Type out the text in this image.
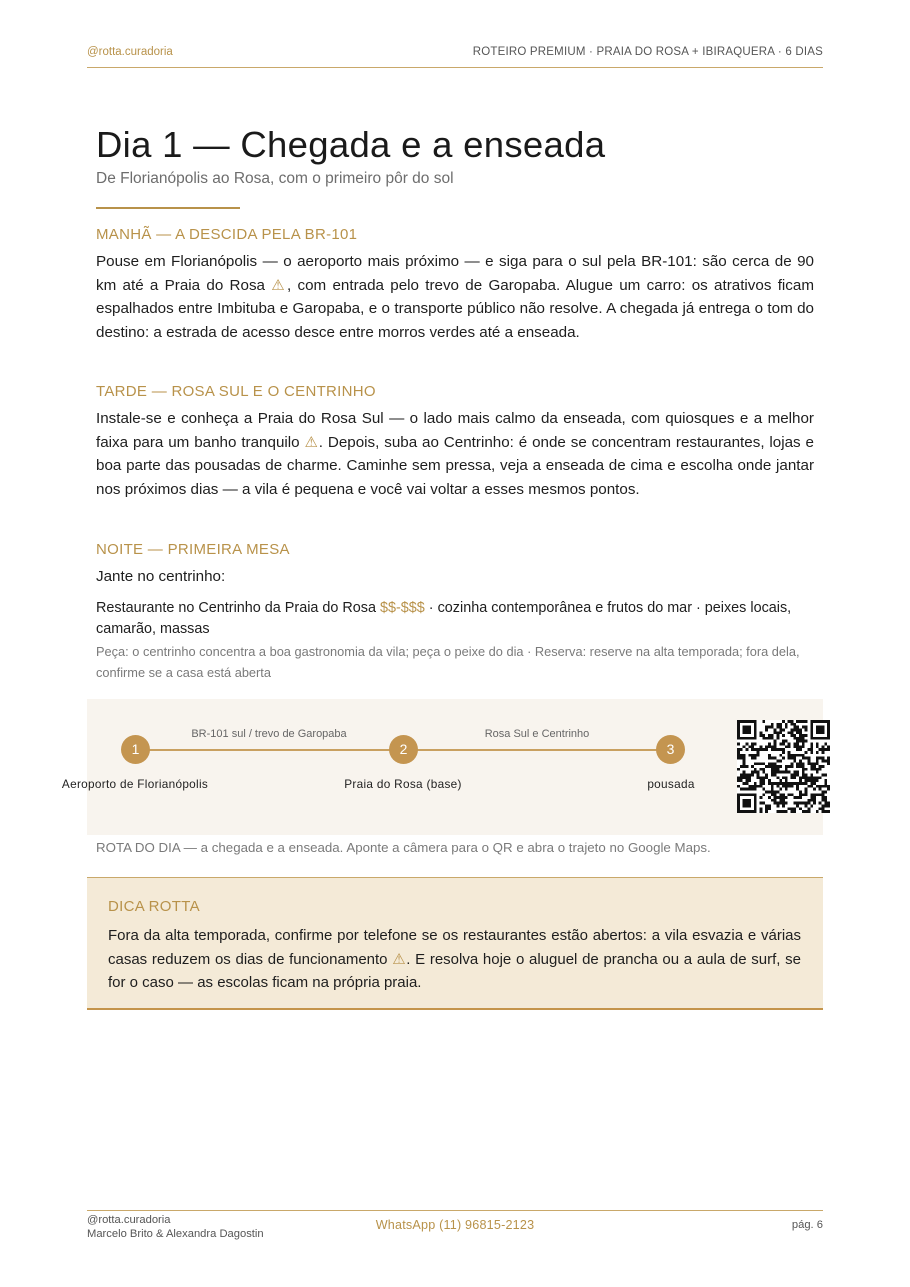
@rotta.curadoria	ROTEIRO PREMIUM · PRAIA DO ROSA + IBIRAQUERA · 6 DIAS
Dia 1 — Chegada e a enseada
De Florianópolis ao Rosa, com o primeiro pôr do sol
MANHÃ — A DESCIDA PELA BR-101
Pouse em Florianópolis — o aeroporto mais próximo — e siga para o sul pela BR-101: são cerca de 90 km até a Praia do Rosa ⚠, com entrada pelo trevo de Garopaba. Alugue um carro: os atrativos ficam espalhados entre Imbituba e Garopaba, e o transporte público não resolve. A chegada já entrega o tom do destino: a estrada de acesso desce entre morros verdes até a enseada.
TARDE — ROSA SUL E O CENTRINHO
Instale-se e conheça a Praia do Rosa Sul — o lado mais calmo da enseada, com quiosques e a melhor faixa para um banho tranquilo ⚠. Depois, suba ao Centrinho: é onde se concentram restaurantes, lojas e boa parte das pousadas de charme. Caminhe sem pressa, veja a enseada de cima e escolha onde jantar nos próximos dias — a vila é pequena e você vai voltar a esses mesmos pontos.
NOITE — PRIMEIRA MESA
Jante no centrinho:
Restaurante no Centrinho da Praia do Rosa $$-$$$ · cozinha contemporânea e frutos do mar · peixes locais, camarão, massas
Peça: o centrinho concentra a boa gastronomia da vila; peça o peixe do dia · Reserva: reserve na alta temporada; fora dela, confirme se a casa está aberta
BR-101 sul / trevo de Garopaba	Rosa Sul e Centrinho
1	2	3
Aeroporto de Florianópolis	Praia do Rosa (base)	pousada
ROTA DO DIA — a chegada e a enseada. Aponte a câmera para o QR e abra o trajeto no Google Maps.
DICA ROTTA
Fora da alta temporada, confirme por telefone se os restaurantes estão abertos: a vila esvazia e várias casas reduzem os dias de funcionamento ⚠. E resolva hoje o aluguel de prancha ou a aula de surf, se for o caso — as escolas ficam na própria praia.
@rotta.curadoria
Marcelo Brito & Alexandra Dagostin
WhatsApp (11) 96815-2123	pág. 6
